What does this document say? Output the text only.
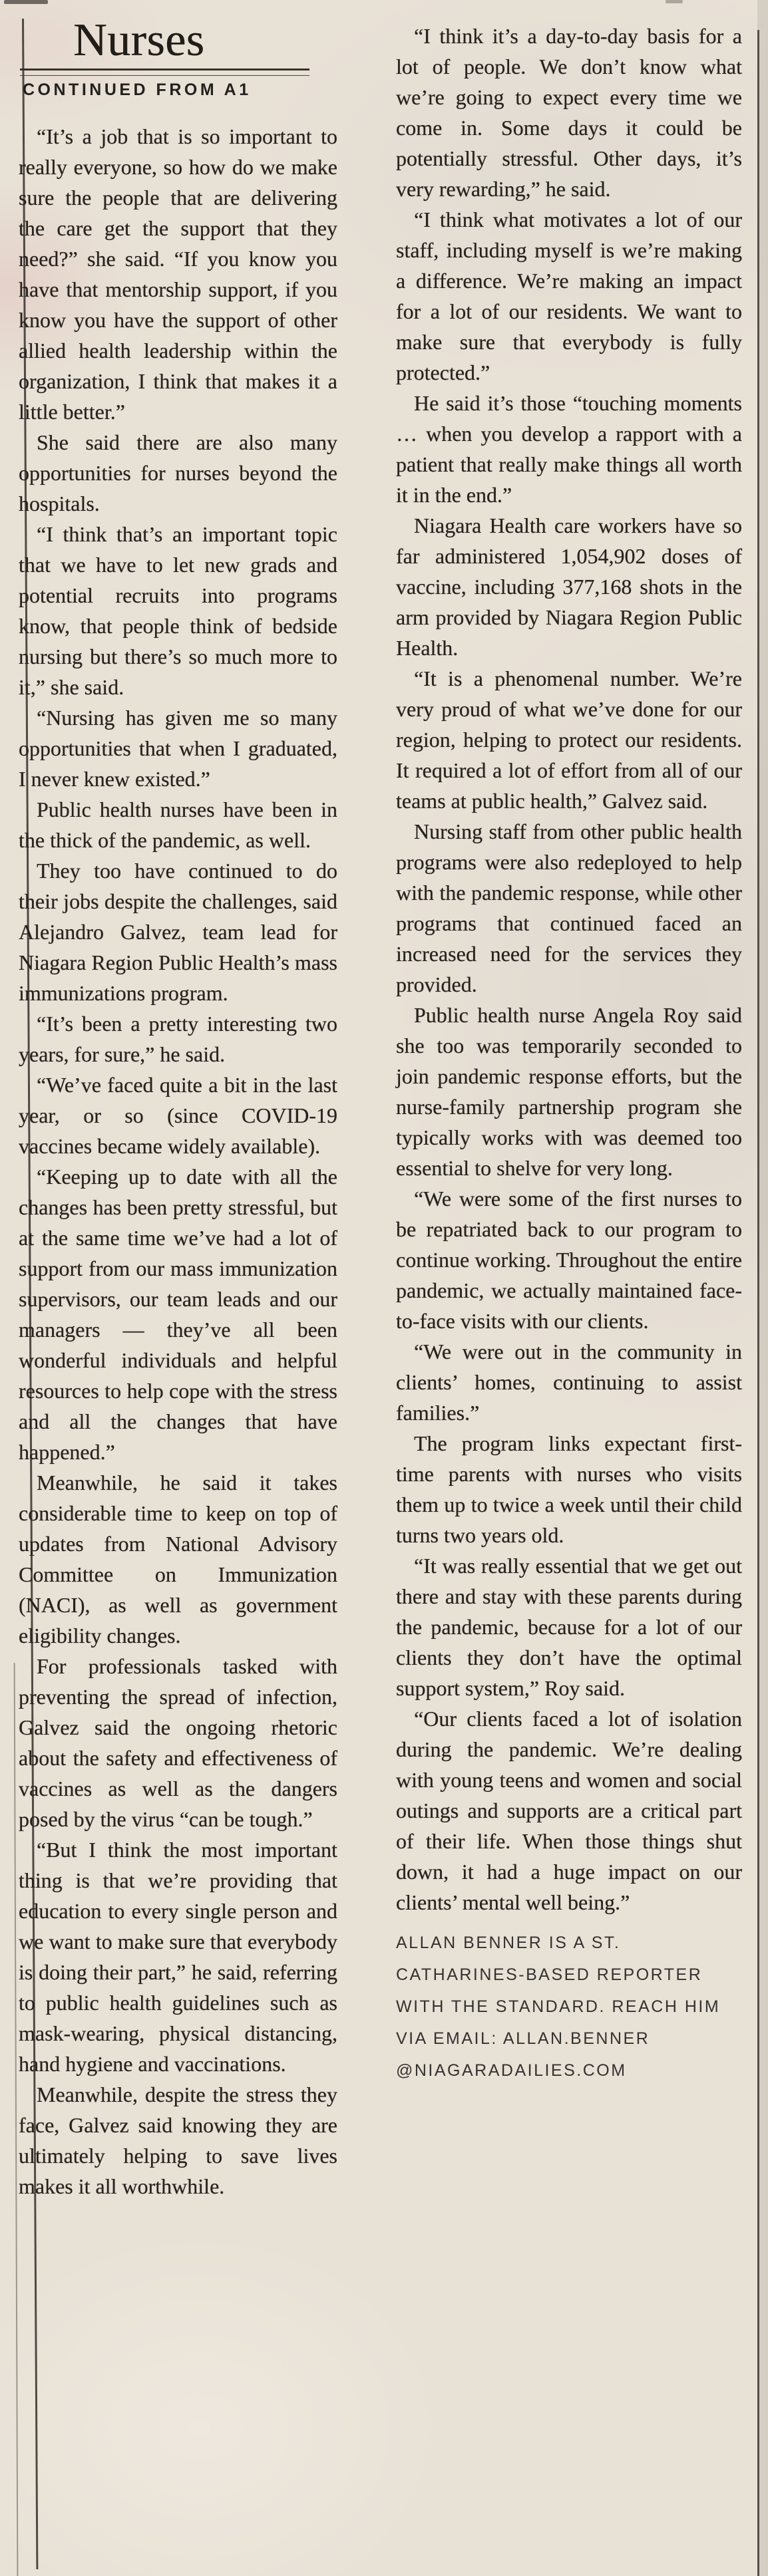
Nurses
CONTINUED FROM A1

“It’s a job that is so important to really everyone, so how do we make sure the people that are delivering the care get the support that they need?” she said. “If you know you have that mentorship support, if you know you have the support of other allied health leadership within the organization, I think that makes it a little better.”

She said there are also many opportunities for nurses beyond the hospitals.

“I think that’s an important topic that we have to let new grads and potential recruits into programs know, that people think of bedside nursing but there’s so much more to it,” she said.

“Nursing has given me so many opportunities that when I graduated, I never knew existed.”

Public health nurses have been in the thick of the pandemic, as well.

They too have continued to do their jobs despite the challenges, said Alejandro Galvez, team lead for Niagara Region Public Health’s mass immunizations program.

“It’s been a pretty interesting two years, for sure,” he said.

“We’ve faced quite a bit in the last year, or so (since COVID-19 vaccines became widely available).

“Keeping up to date with all the changes has been pretty stressful, but at the same time we’ve had a lot of support from our mass immunization supervisors, our team leads and our managers — they’ve all been wonderful individuals and helpful resources to help cope with the stress and all the changes that have happened.”

Meanwhile, he said it takes considerable time to keep on top of updates from National Advisory Committee on Immunization (NACI), as well as government eligibility changes.

For professionals tasked with preventing the spread of infection, Galvez said the ongoing rhetoric about the safety and effectiveness of vaccines as well as the dangers posed by the virus “can be tough.”

“But I think the most important thing is that we’re providing that education to every single person and we want to make sure that everybody is doing their part,” he said, referring to public health guidelines such as mask-wearing, physical distancing, hand hygiene and vaccinations.

Meanwhile, despite the stress they face, Galvez said knowing they are ultimately helping to save lives makes it all worthwhile.

“I think it’s a day-to-day basis for a lot of people. We don’t know what we’re going to expect every time we come in. Some days it could be potentially stressful. Other days, it’s very rewarding,” he said.

“I think what motivates a lot of our staff, including myself is we’re making a difference. We’re making an impact for a lot of our residents. We want to make sure that everybody is fully protected.”

He said it’s those “touching moments … when you develop a rapport with a patient that really make things all worth it in the end.”

Niagara Health care workers have so far administered 1,054,902 doses of vaccine, including 377,168 shots in the arm provided by Niagara Region Public Health.

“It is a phenomenal number. We’re very proud of what we’ve done for our region, helping to protect our residents. It required a lot of effort from all of our teams at public health,” Galvez said.

Nursing staff from other public health programs were also redeployed to help with the pandemic response, while other programs that continued faced an increased need for the services they provided.

Public health nurse Angela Roy said she too was temporarily seconded to join pandemic response efforts, but the nurse-family partnership program she typically works with was deemed too essential to shelve for very long.

“We were some of the first nurses to be repatriated back to our program to continue working. Throughout the entire pandemic, we actually maintained face-to-face visits with our clients.

“We were out in the community in clients’ homes, continuing to assist families.”

The program links expectant first-time parents with nurses who visits them up to twice a week until their child turns two years old.

“It was really essential that we get out there and stay with these parents during the pandemic, because for a lot of our clients they don’t have the optimal support system,” Roy said.

“Our clients faced a lot of isolation during the pandemic. We’re dealing with young teens and women and social outings and supports are a critical part of their life. When those things shut down, it had a huge impact on our clients’ mental well being.”

ALLAN BENNER IS A ST. CATHARINES-BASED REPORTER WITH THE STANDARD. REACH HIM VIA EMAIL: ALLAN.BENNER @NIAGARADAILIES.COM
